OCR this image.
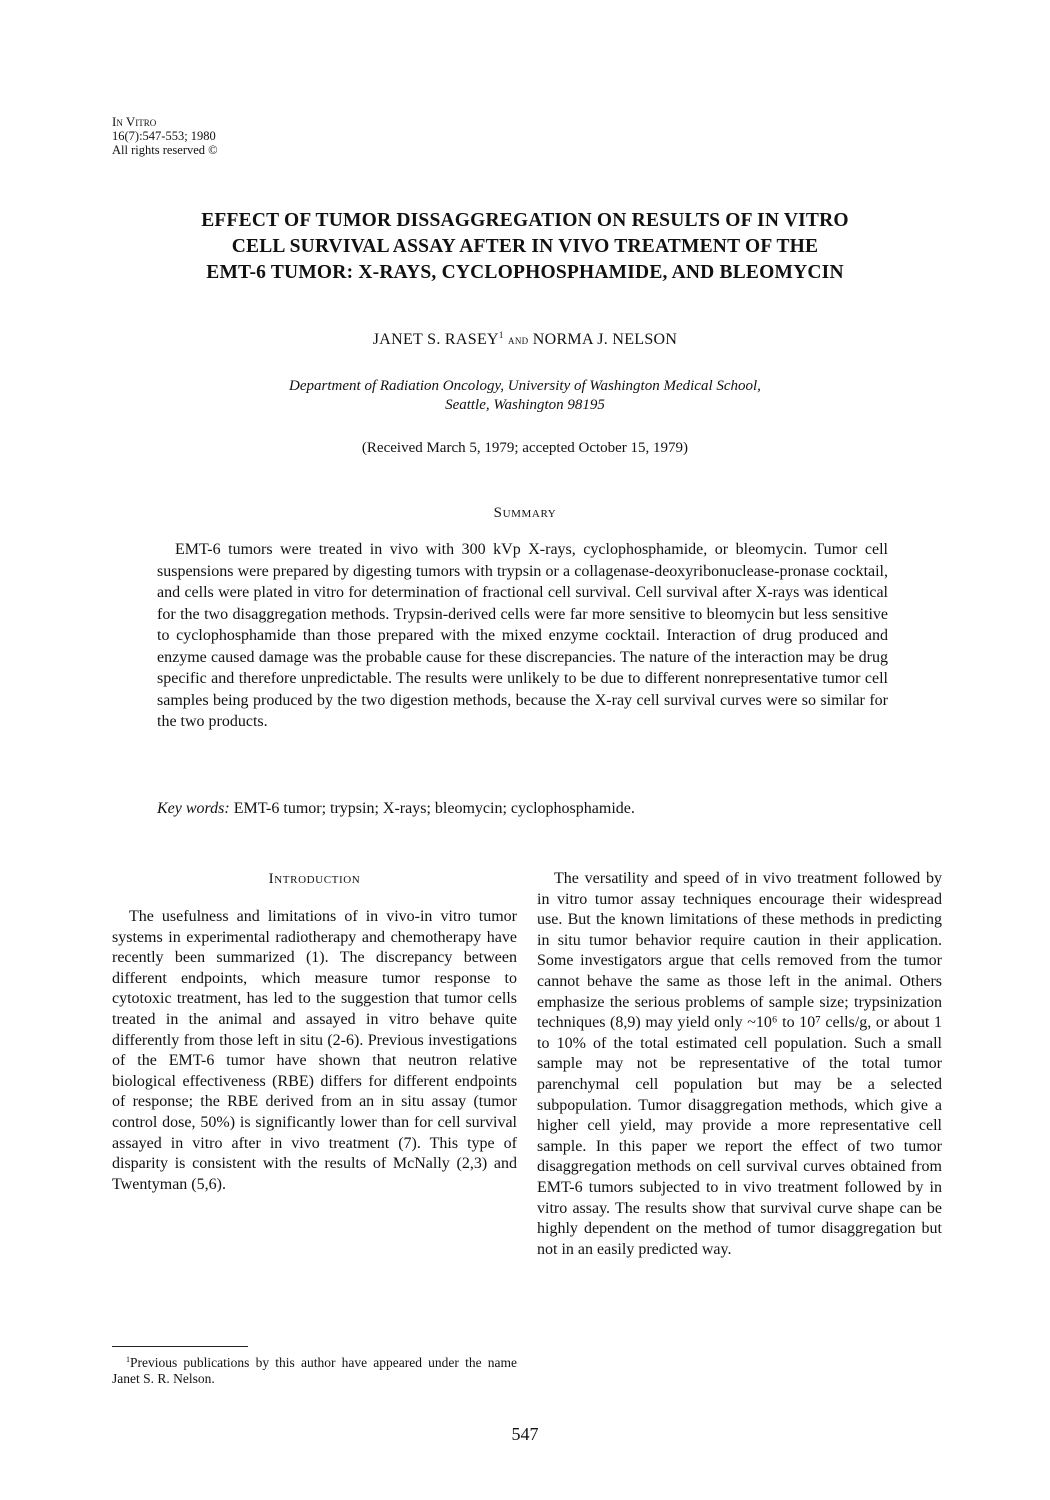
In Vitro
16(7):547-553; 1980
All rights reserved ©
EFFECT OF TUMOR DISSAGGREGATION ON RESULTS OF IN VITRO
CELL SURVIVAL ASSAY AFTER IN VIVO TREATMENT OF THE
EMT-6 TUMOR: X-RAYS, CYCLOPHOSPHAMIDE, AND BLEOMYCIN
JANET S. RASEY$^1$ and NORMA J. NELSON
Department of Radiation Oncology, University of Washington Medical School,
Seattle, Washington 98195
(Received March 5, 1979; accepted October 15, 1979)
Summary

EMT-6 tumors were treated in vivo with 300 kVp X-rays, cyclophosphamide, or bleomycin. Tumor cell suspensions were prepared by digesting tumors with trypsin or a collagenase-deoxyribonuclease-pronase cocktail, and cells were plated in vitro for determination of fractional cell survival. Cell survival after X-rays was identical for the two disaggregation methods. Trypsin-derived cells were far more sensitive to bleomycin but less sensitive to cyclophosphamide than those prepared with the mixed enzyme cocktail. Interaction of drug produced and enzyme caused damage was the probable cause for these discrepancies. The nature of the interaction may be drug specific and therefore unpredictable. The results were unlikely to be due to different nonrepresentative tumor cell samples being produced by the two digestion methods, because the X-ray cell survival curves were so similar for the two products.

Key words: EMT-6 tumor; trypsin; X-rays; bleomycin; cyclophosphamide.
Introduction

The usefulness and limitations of in vivo-in vitro tumor systems in experimental radiotherapy and chemotherapy have recently been summarized (1). The discrepancy between different endpoints, which measure tumor response to cytotoxic treatment, has led to the suggestion that tumor cells treated in the animal and assayed in vitro behave quite differently from those left in situ (2-6). Previous investigations of the EMT-6 tumor have shown that neutron relative biological effectiveness (RBE) differs for different endpoints of response; the RBE derived from an in situ assay (tumor control dose, 50%) is significantly lower than for cell survival assayed in vitro after in vivo treatment (7). This type of disparity is consistent with the results of McNally (2,3) and Twentyman (5,6).

The versatility and speed of in vivo treatment followed by in vitro tumor assay techniques encourage their widespread use. But the known limitations of these methods in predicting in situ tumor behavior require caution in their application. Some investigators argue that cells removed from the tumor cannot behave the same as those left in the animal. Others emphasize the serious problems of sample size; trypsinization techniques (8,9) may yield only ~10⁶ to 10⁷ cells/g, or about 1 to 10% of the total estimated cell population. Such a small sample may not be representative of the total tumor parenchymal cell population but may be a selected subpopulation. Tumor disaggregation methods, which give a higher cell yield, may provide a more representative cell sample. In this paper we report the effect of two tumor disaggregation methods on cell survival curves obtained from EMT-6 tumors subjected to in vivo treatment followed by in vitro assay. The results show that survival curve shape can be highly dependent on the method of tumor disaggregation but not in an easily predicted way.

$^1$Previous publications by this author have appeared under the name Janet S. R. Nelson.

547
